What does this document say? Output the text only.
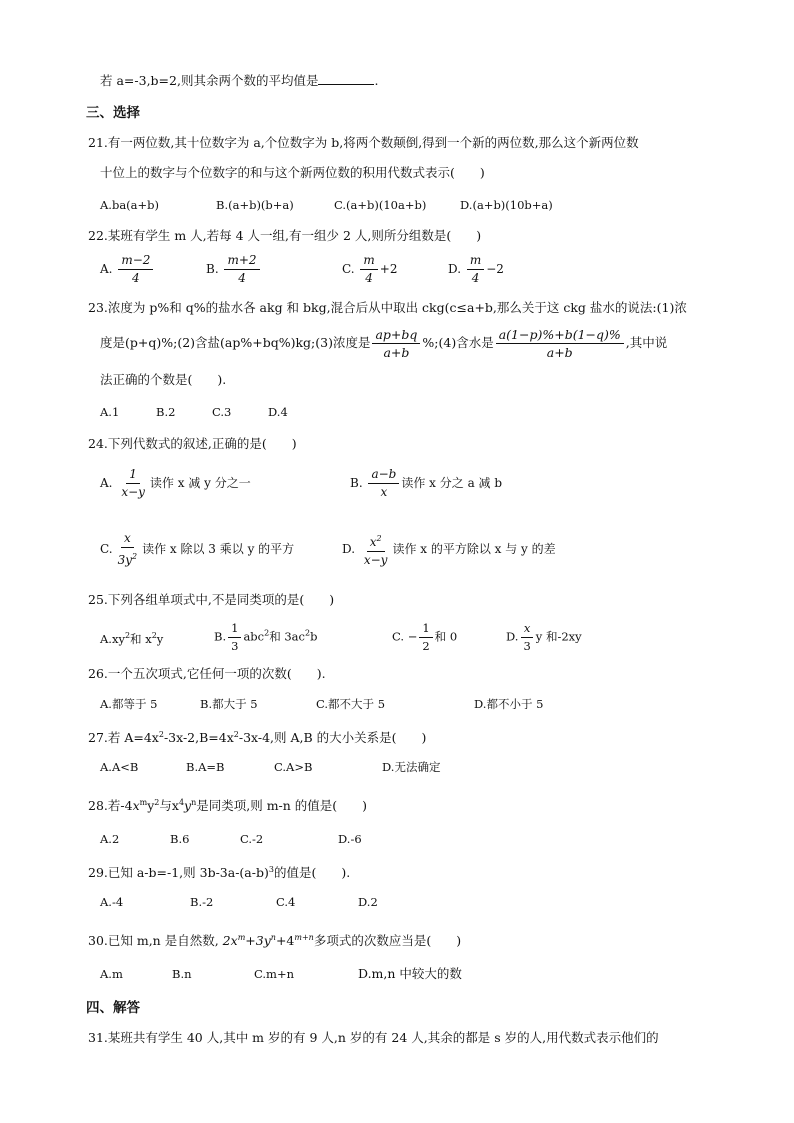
若 a=-3,b=2,则其余两个数的平均值是	.
三、选择
21.有一两位数,其十位数字为 a,个位数字为 b,将两个数颠倒,得到一个新的两位数,那么这个新两位数
十位上的数字与个位数字的和与这个新两位数的积用代数式表示(　　)
A.ba(a+b)	B.(a+b)(b+a)	C.(a+b)(10a+b)	D.(a+b)(10b+a)
22.某班有学生 m 人,若每 4 人一组,有一组少 2 人,则所分组数是(　　)
A. $\frac{m-2}{4}$	B. $\frac{m+2}{4}$	C. $\frac{m}{4} +2$	D. $\frac{m}{4} -2$
23.浓度为 p%和 q%的盐水各 akg 和 bkg,混合后从中取出 ckg(c≤a+b,那么关于这 ckg 盐水的说法:(1)浓
度是(p+q)%;(2)含盐(ap%+bq%)kg;(3)浓度是 $\frac{ap+bq}{a+b}$ %;(4)含水是 $\frac{a(1-p)\%+b(1-q)\%}{a+b}$ ,其中说
法正确的个数是(　　).
A.1	B.2	C.3	D.4
24.下列代数式的叙述,正确的是(　　)
A. $\frac{1}{x-y}$ 读作 x 减 y 分之一	B. $\frac{a-b}{x}$ 读作 x 分之 a 减 b
C. $\frac{x}{3y^2}$ 读作 x 除以 3 乘以 y 的平方	D. $\frac{x^2}{x-y}$ 读作 x 的平方除以 x 与 y 的差
25.下列各组单项式中,不是同类项的是(　　)
$A.xy^2$和 $x^2y$	B. $\frac{1}{3} abc^2$和 $3ac^2b$	C. − $\frac{1}{2}$ 和 0	D. $\frac{x}{3}$ y 和-2xy
26.一个五次项式,它任何一项的次数(　　).
A.都等于 5	B.都大于 5	C.都不大于 5	D.都不小于 5
27.若 $A=4x^2-3x-2,B=4x^2-3x-4$,则 A,B 的大小关系是(　　)
A.A<B	B.A=B	C.A>B	D.无法确定
28.若$-4x^my^2$与$x^4y^n$是同类项,则 m-n 的值是(　　)
A.2	B.6	C.-2	D.-6
29.已知 a-b=-1,则 $3b-3a-(a-b)^3$的值是(　　).
A.-4	B.-2	C.4	D.2
30.已知 m,n 是自然数, $2x^m+3y^n+4^{m+n}$多项式的次数应当是(　　)
A.m	B.n	C.m+n	D.m,n 中较大的数
四、解答
31.某班共有学生 40 人,其中 m 岁的有 9 人,n 岁的有 24 人,其余的都是 s 岁的人,用代数式表示他们的
